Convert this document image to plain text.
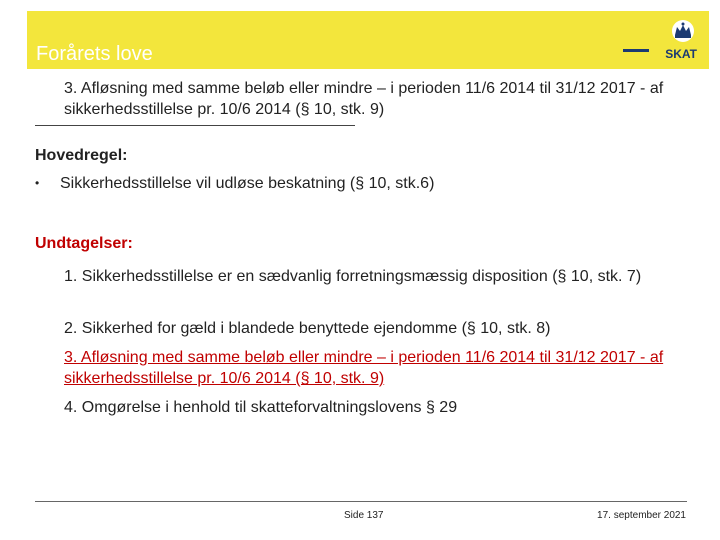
Forårets love	SKAT
3. Afløsning med samme beløb eller mindre – i perioden 11/6 2014 til 31/12 2017 - af sikkerhedsstillelse pr. 10/6 2014 (§ 10, stk. 9)
Hovedregel:
• Sikkerhedsstillelse vil udløse beskatning (§ 10, stk.6)
Undtagelser:
1. Sikkerhedsstillelse er en sædvanlig forretningsmæssig disposition (§ 10, stk. 7)
2. Sikkerhed for gæld i blandede benyttede ejendomme (§ 10, stk. 8)
3. Afløsning med samme beløb eller mindre – i perioden 11/6 2014 til 31/12 2017 - af sikkerhedsstillelse pr. 10/6 2014 (§ 10, stk. 9)
4. Omgørelse i henhold til skatteforvaltningslovens § 29
Side 137	17. september 2021
